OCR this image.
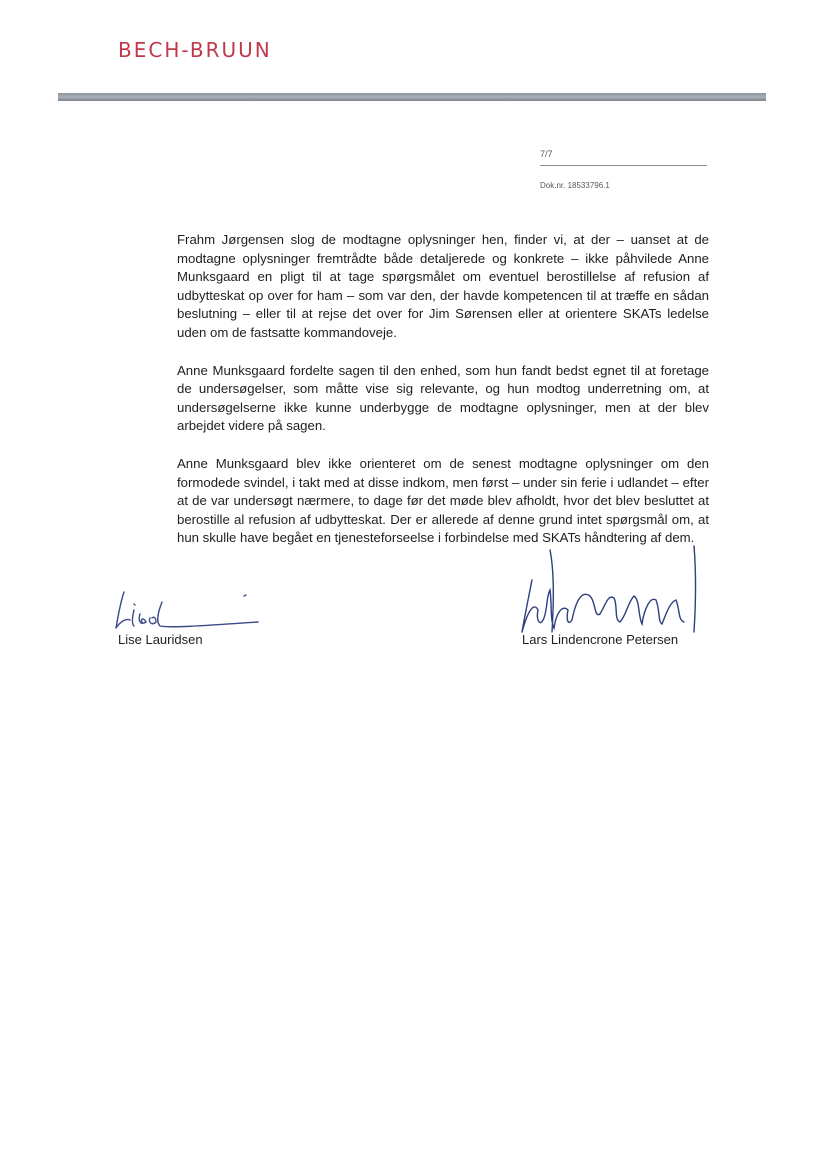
BECH-BRUUN
7/7
Dok.nr. 18533796.1

Frahm Jørgensen slog de modtagne oplysninger hen, finder vi, at der – uanset at de modtagne oplysninger fremtrådte både detaljerede og konkrete – ikke påhvilede Anne Munksgaard en pligt til at tage spørgsmålet om eventuel berostillelse af refusion af udbytteskat op over for ham – som var den, der havde kompetencen til at træffe en sådan beslutning – eller til at rejse det over for Jim Sørensen eller at orientere SKATs ledelse uden om de fastsatte kommandoveje.

Anne Munksgaard fordelte sagen til den enhed, som hun fandt bedst egnet til at foretage de undersøgelser, som måtte vise sig relevante, og hun modtog underretning om, at undersøgelserne ikke kunne underbygge de modtagne oplysninger, men at der blev arbejdet videre på sagen.

Anne Munksgaard blev ikke orienteret om de senest modtagne oplysninger om den formodede svindel, i takt med at disse indkom, men først – under sin ferie i udlandet – efter at de var undersøgt nærmere, to dage før det møde blev afholdt, hvor det blev besluttet at berostille al refusion af udbytteskat. Der er allerede af denne grund intet spørgsmål om, at hun skulle have begået en tjenesteforseelse i forbindelse med SKATs håndtering af dem.

Lise Lauridsen	Lars Lindencrone Petersen
